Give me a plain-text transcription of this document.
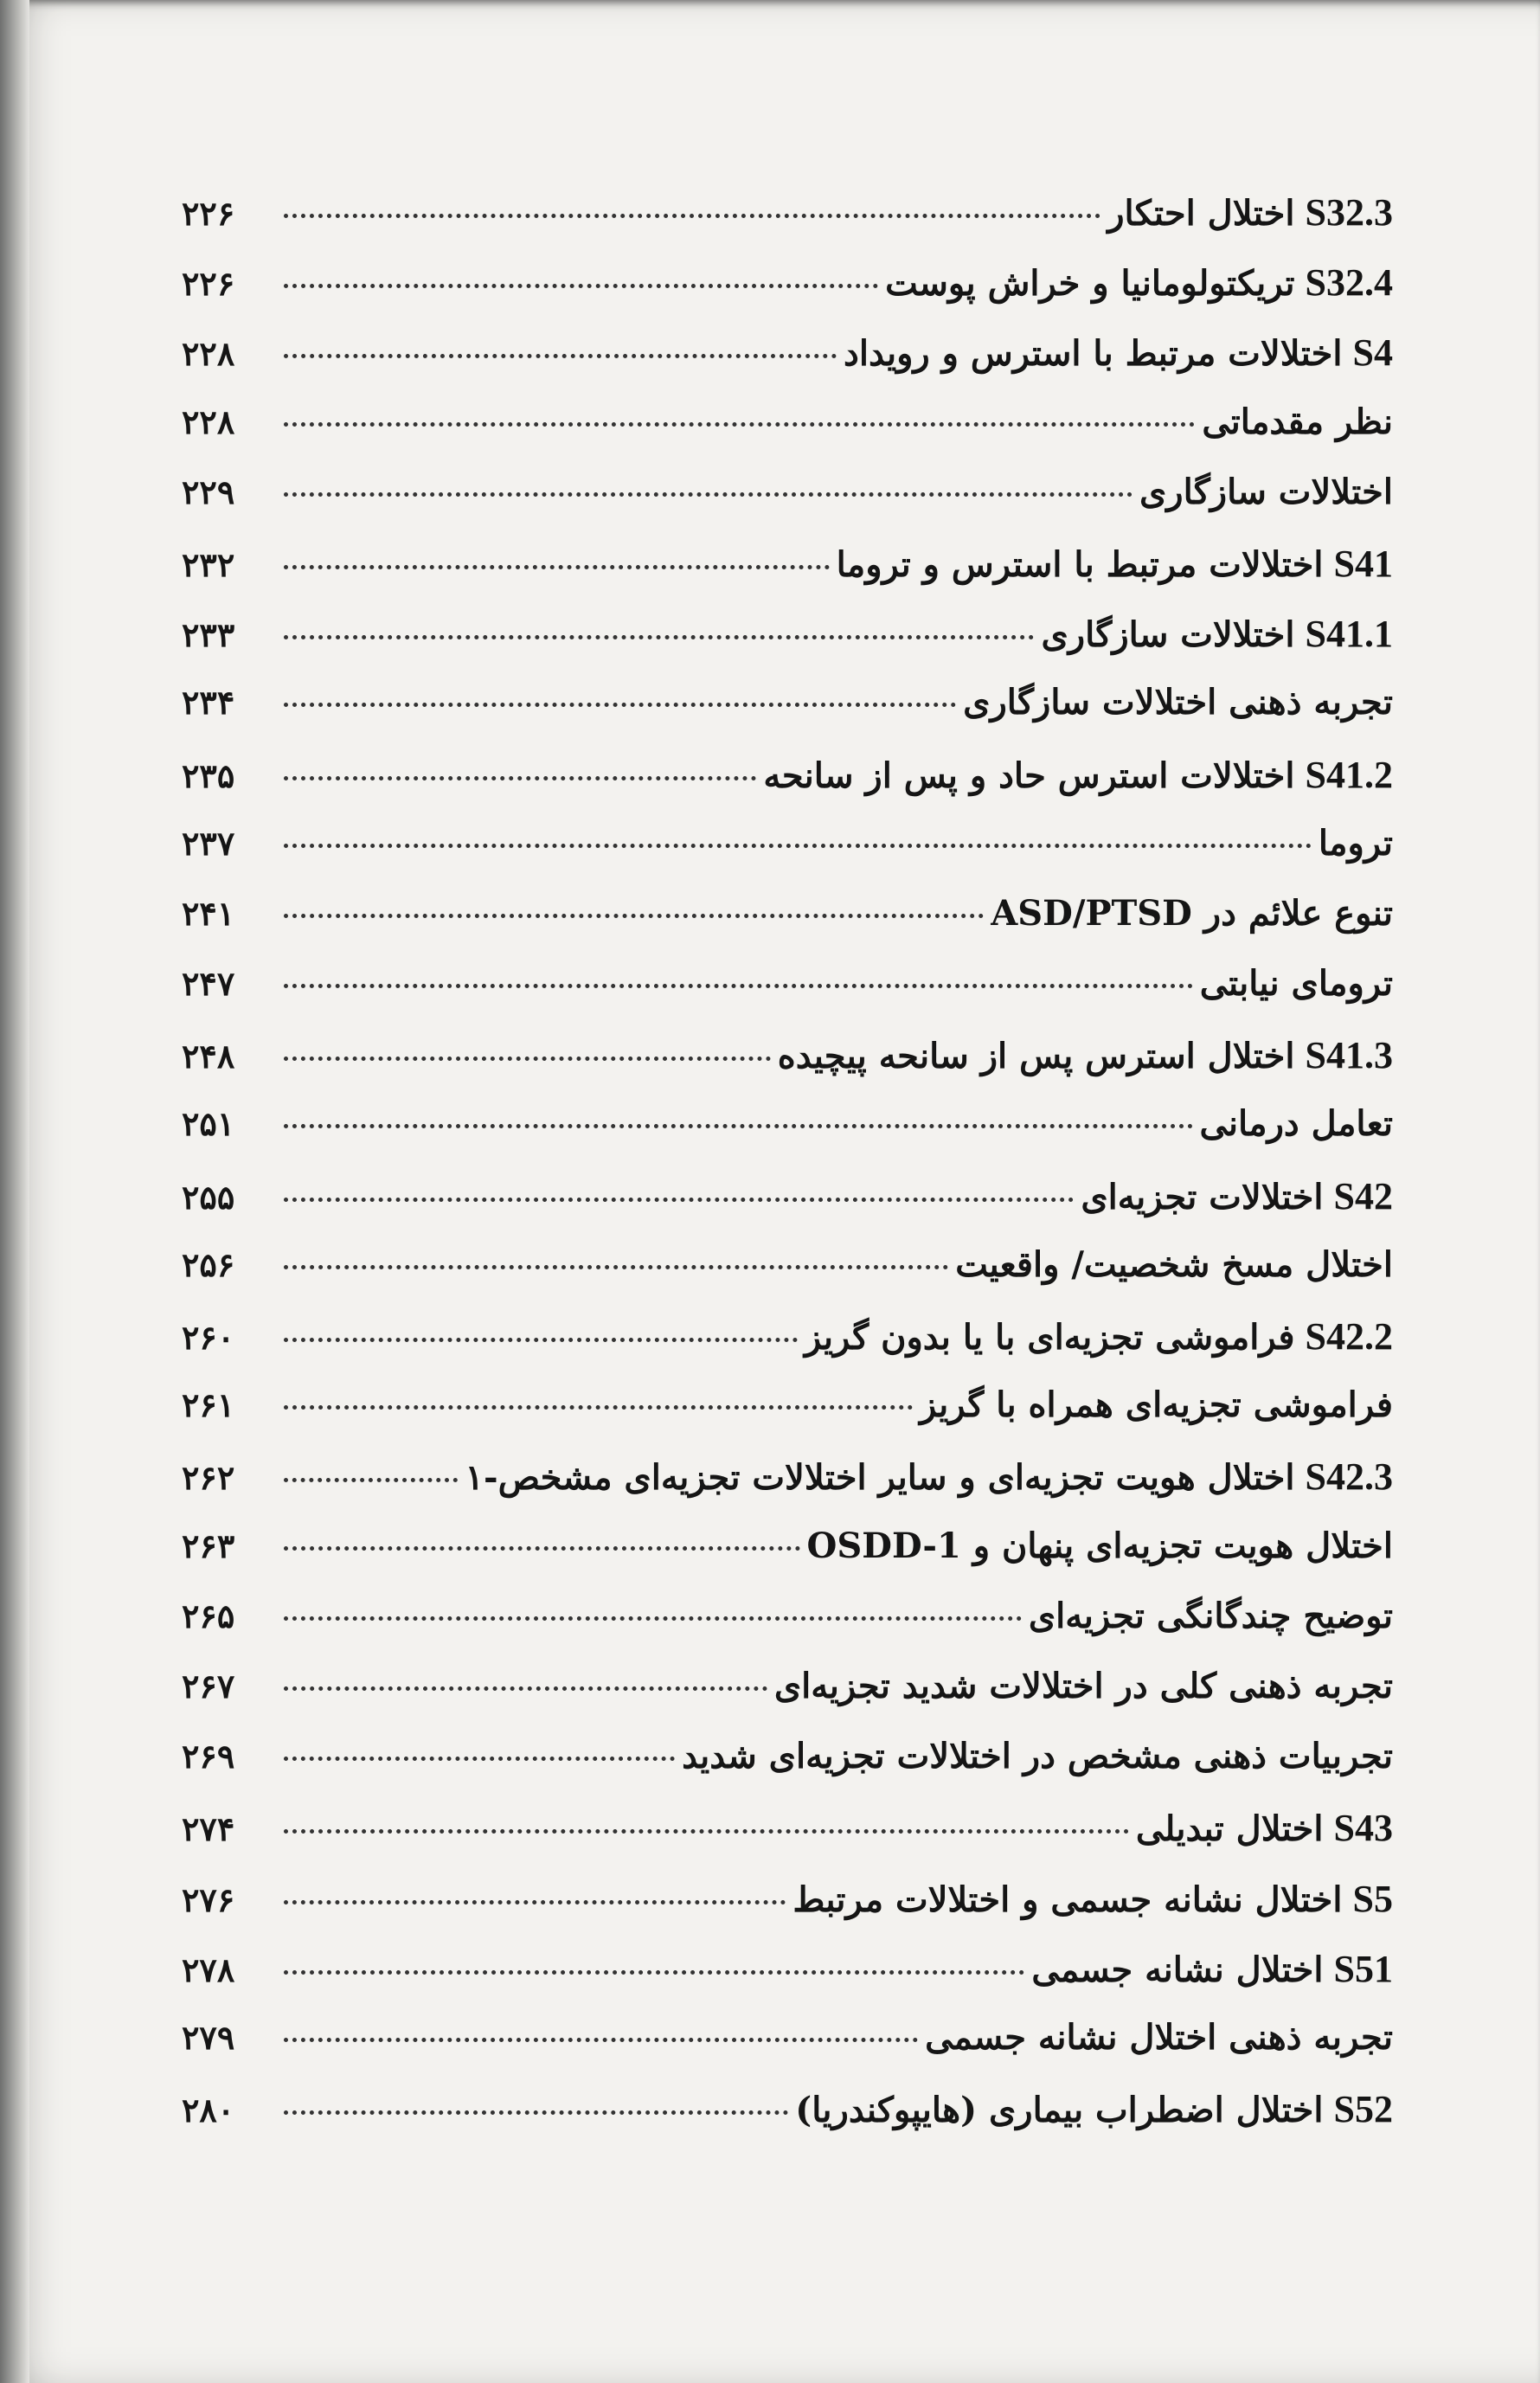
S32.3
اختلال احتکار
۲۲۶
S32.4
تریکتولومانیا و خراش پوست
۲۲۶
S4
اختلالات مرتبط با استرس و رویداد
۲۲۸
نظر مقدماتی
۲۲۸
اختلالات سازگاری
۲۲۹
S41
اختلالات مرتبط با استرس و تروما
۲۳۲
S41.1
اختلالات سازگاری
۲۳۳
تجربه ذهنی اختلالات سازگاری
۲۳۴
S41.2
اختلالات استرس حاد و پس از سانحه
۲۳۵
تروما
۲۳۷
تنوع علائم در ASD/PTSD
۲۴۱
ترومای نیابتی
۲۴۷
S41.3
اختلال استرس پس از سانحه پیچیده
۲۴۸
تعامل درمانی
۲۵۱
S42
اختلالات تجزیه‌ای
۲۵۵
اختلال مسخ شخصیت/ واقعیت
۲۵۶
S42.2
فراموشی تجزیه‌ای با یا بدون گریز
۲۶۰
فراموشی تجزیه‌ای همراه با گریز
۲۶۱
S42.3
اختلال هویت تجزیه‌ای و سایر اختلالات تجزیه‌ای مشخص-۱
۲۶۲
اختلال هویت تجزیه‌ای پنهان و OSDD-1
۲۶۳
توضیح چندگانگی تجزیه‌ای
۲۶۵
تجربه ذهنی کلی در اختلالات شدید تجزیه‌ای
۲۶۷
تجربیات ذهنی مشخص در اختلالات تجزیه‌ای شدید
۲۶۹
S43
اختلال تبدیلی
۲۷۴
S5
اختلال نشانه جسمی و اختلالات مرتبط
۲۷۶
S51
اختلال نشانه جسمی
۲۷۸
تجربه ذهنی اختلال نشانه جسمی
۲۷۹
S52
اختلال اضطراب بیماری (هایپوکندریا)
۲۸۰
